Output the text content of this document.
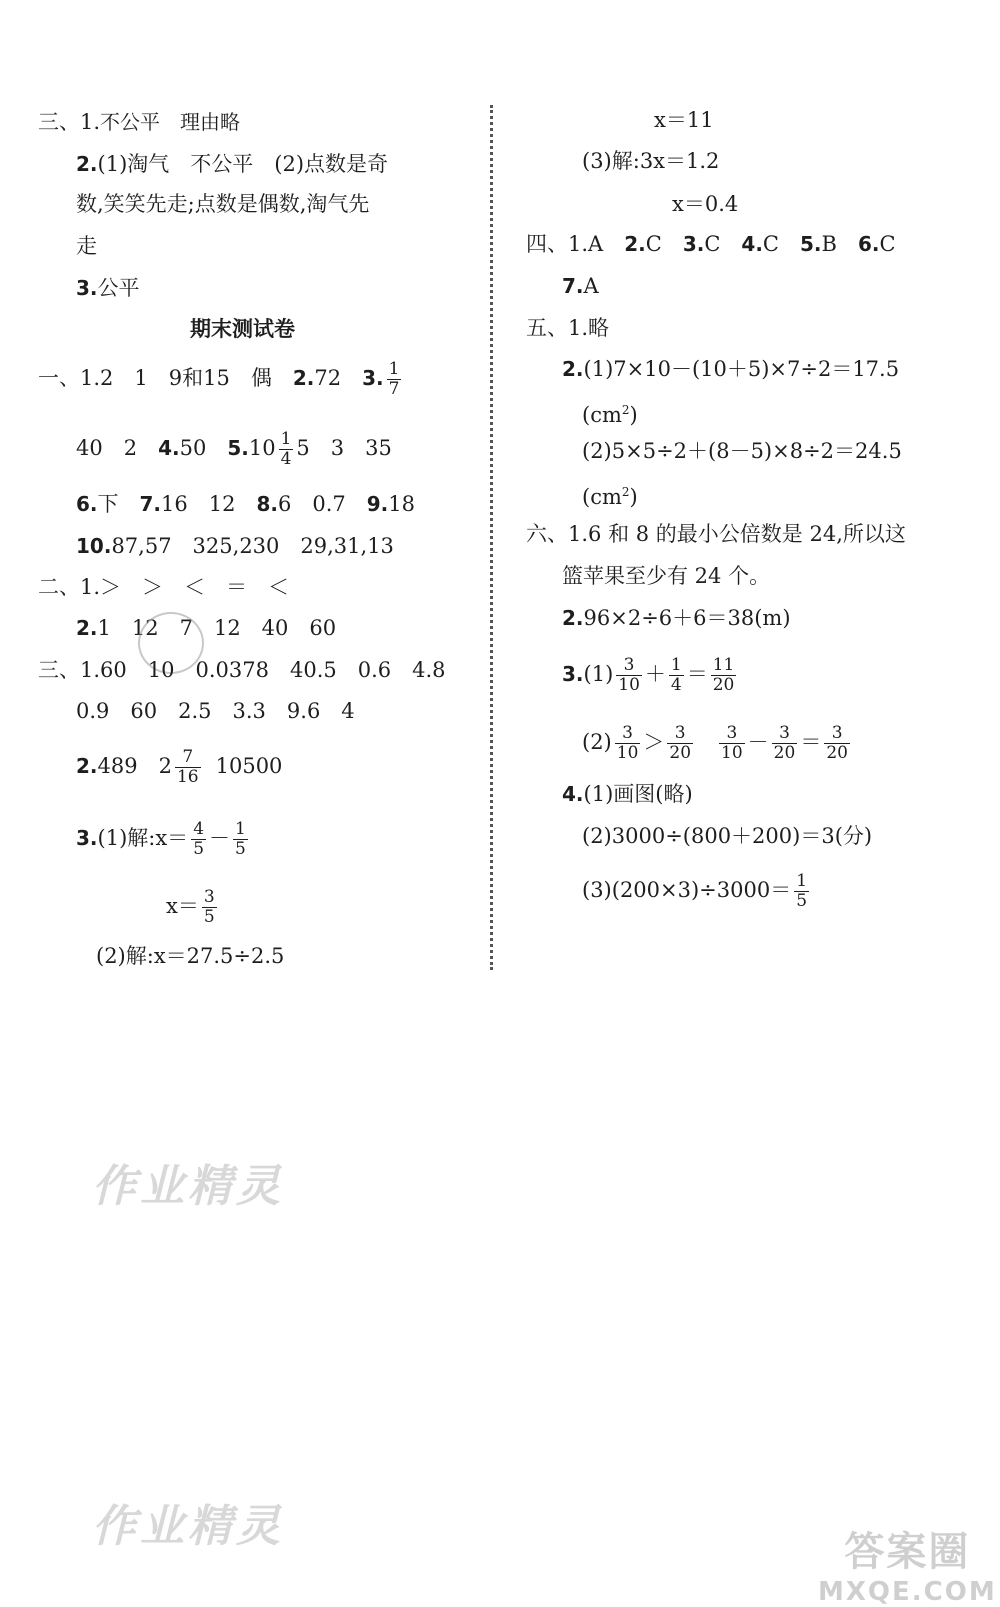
三、1.不公平　理由略
2.(1)淘气　不公平　(2)点数是奇
数,笑笑先走;点数是偶数,淘气先
走
3.公平
期末测试卷
一、1.2　1　9和15　偶　2.72　3. $\frac{1}{7}$
40　2　4.50　$5.10 \frac{1}{4} 5$　3　35
6.下　7.16　12　8.6　0.7　9.18
10.87,57　325,230　29,31,13
二、1.＞　＞　＜　＝　＜
2.1　12　7　12　40　60
三、1.60　10　0.0378　40.5　0.6　4.8
0.9　60　2.5　3.3　9.6　4
2.489　$2 \frac{7}{16} 10500$
3.(1)解:x＝ $\frac{4}{5} - \frac{1}{5}$
$x= \frac{3}{5}$
(2)解:x＝27.5÷2.5
x＝11
(3)解:3x＝1.2
x＝0.4
四、1.A　2.C　3.C　4.C　5.B　6.C
7.A
五、1.略
2.(1)7×10－(10＋5)×7÷2＝17.5
$(cm^2)$
(2)5×5÷2＋(8－5)×8÷2＝24.5
$(cm^2)$
六、1.6 和 8 的最小公倍数是 24,所以这
篮苹果至少有 24 个。
2.96×2÷6＋6＝38(m)
$3.(1) \frac{3}{10} + \frac{1}{4} = \frac{11}{20}$
$(2) \frac{3}{10} > \frac{3}{20} \frac{3}{10} - \frac{3}{20} = \frac{3}{20}$
4.(1)画图(略)
(2)3000÷(800＋200)＝3(分)
$(3)(200\times 3)\div 3000= \frac{1}{5}$
作业精灵
作业精灵	答案圈
MXQE.COM
